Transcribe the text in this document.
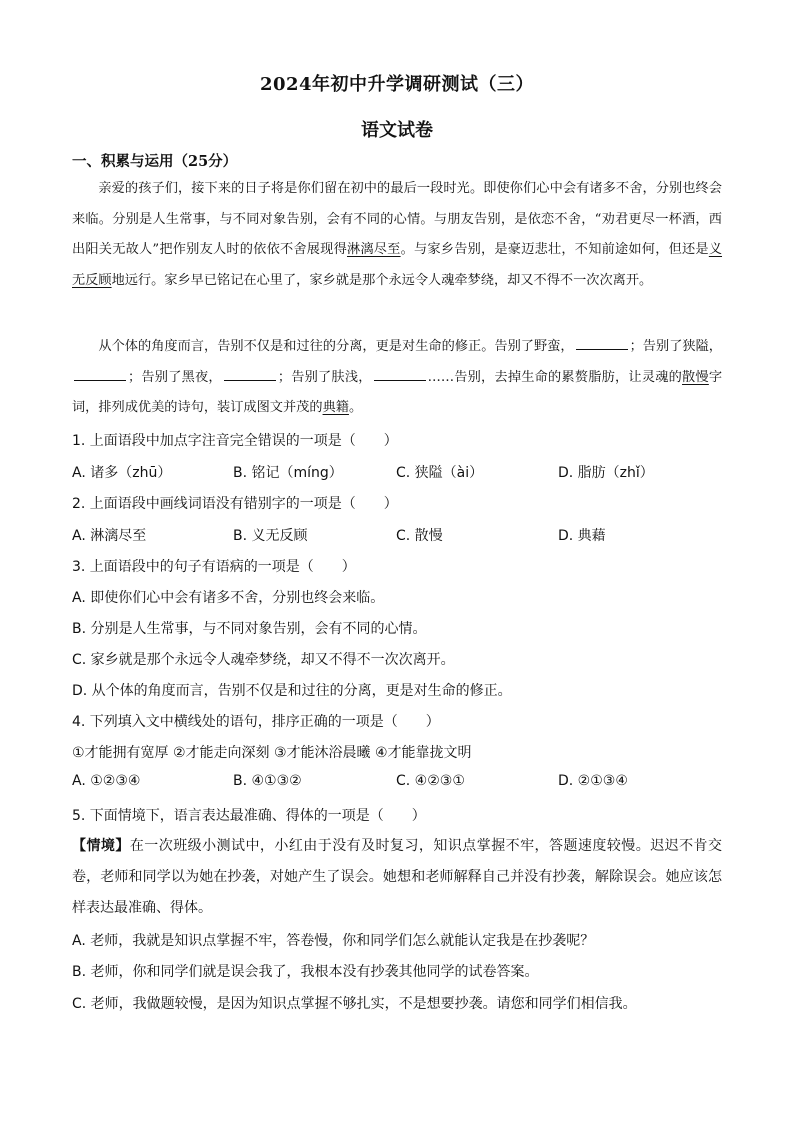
2024年初中升学调研测试（三）
语文试卷
一、积累与运用（25分）

亲爱的孩子们，接下来的日子将是你们留在初中的最后一段时光。即使你们心中会有诸多不舍，分别也终会来临。分别是人生常事，与不同对象告别，会有不同的心情。与朋友告别，是依恋不舍，“劝君更尽一杯酒，西出阳关无故人”把作别友人时的依依不舍展现得淋漓尽至。与家乡告别，是豪迈悲壮，不知前途如何，但还是义无反顾地远行。家乡早已铭记在心里了，家乡就是那个永远令人魂牵梦绕，却又不得不一次次离开。

从个体的角度而言，告别不仅是和过往的分离，更是对生命的修正。告别了野蛮，	；告别了狭隘，；告别了黑夜，	；告别了肤浅，	……告别，去掉生命的累赘脂肪，让灵魂的散慢字词，排列成优美的诗句，装订成图文并茂的典籍。

1. 上面语段中加点字注音完全错误的一项是（　　）
A. 诸多（zhū）	B. 铭记（míng）	C. 狭隘（ài）	D. 脂肪（zhǐ）
2. 上面语段中画线词语没有错别字的一项是（　　）
A. 淋漓尽至	B. 义无反顾	C. 散慢	D. 典藉
3. 上面语段中的句子有语病的一项是（　　）
A. 即使你们心中会有诸多不舍，分别也终会来临。
B. 分别是人生常事，与不同对象告别，会有不同的心情。
C. 家乡就是那个永远令人魂牵梦绕，却又不得不一次次离开。
D. 从个体的角度而言，告别不仅是和过往的分离，更是对生命的修正。
4. 下列填入文中横线处的语句，排序正确的一项是（　　）
①才能拥有宽厚 ②才能走向深刻 ③才能沐浴晨曦 ④才能靠拢文明
A. ①②③④	B. ④①③②	C. ④②③①	D. ②①③④
5. 下面情境下，语言表达最准确、得体的一项是（　　）
【情境】在一次班级小测试中，小红由于没有及时复习，知识点掌握不牢，答题速度较慢。迟迟不肯交卷，老师和同学以为她在抄袭，对她产生了误会。她想和老师解释自己并没有抄袭，解除误会。她应该怎样表达最准确、得体。
A. 老师，我就是知识点掌握不牢，答卷慢，你和同学们怎么就能认定我是在抄袭呢？
B. 老师，你和同学们就是误会我了，我根本没有抄袭其他同学的试卷答案。
C. 老师，我做题较慢，是因为知识点掌握不够扎实，不是想要抄袭。请您和同学们相信我。
